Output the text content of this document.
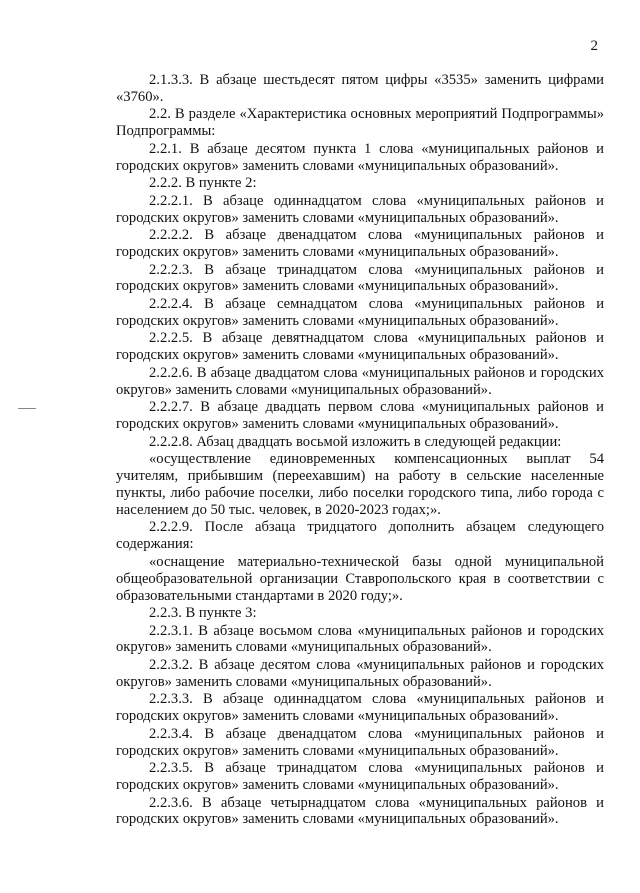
2

2.1.3.3. В абзаце шестьдесят пятом цифры «3535» заменить цифрами «3760».

2.2. В разделе «Характеристика основных мероприятий Подпрограммы» Подпрограммы:

2.2.1. В абзаце десятом пункта 1 слова «муниципальных районов и городских округов» заменить словами «муниципальных образований».

2.2.2. В пункте 2:

2.2.2.1. В абзаце одиннадцатом слова «муниципальных районов и городских округов» заменить словами «муниципальных образований».

2.2.2.2. В абзаце двенадцатом слова «муниципальных районов и городских округов» заменить словами «муниципальных образований».

2.2.2.3. В абзаце тринадцатом слова «муниципальных районов и городских округов» заменить словами «муниципальных образований».

2.2.2.4. В абзаце семнадцатом слова «муниципальных районов и городских округов» заменить словами «муниципальных образований».

2.2.2.5. В абзаце девятнадцатом слова «муниципальных районов и городских округов» заменить словами «муниципальных образований».

2.2.2.6. В абзаце двадцатом слова «муниципальных районов и городских округов» заменить словами «муниципальных образований».

2.2.2.7. В абзаце двадцать первом слова «муниципальных районов и городских округов» заменить словами «муниципальных образований».

2.2.2.8. Абзац двадцать восьмой изложить в следующей редакции:

«осуществление единовременных компенсационных выплат 54 учителям, прибывшим (переехавшим) на работу в сельские населенные пункты, либо рабочие поселки, либо поселки городского типа, либо города с населением до 50 тыс. человек, в 2020-2023 годах;».

2.2.2.9. После абзаца тридцатого дополнить абзацем следующего содержания:

«оснащение материально-технической базы одной муниципальной общеобразовательной организации Ставропольского края в соответствии с образовательными стандартами в 2020 году;».

2.2.3. В пункте 3:

2.2.3.1. В абзаце восьмом слова «муниципальных районов и городских округов» заменить словами «муниципальных образований».

2.2.3.2. В абзаце десятом слова «муниципальных районов и городских округов» заменить словами «муниципальных образований».

2.2.3.3. В абзаце одиннадцатом слова «муниципальных районов и городских округов» заменить словами «муниципальных образований».

2.2.3.4. В абзаце двенадцатом слова «муниципальных районов и городских округов» заменить словами «муниципальных образований».

2.2.3.5. В абзаце тринадцатом слова «муниципальных районов и городских округов» заменить словами «муниципальных образований».

2.2.3.6. В абзаце четырнадцатом слова «муниципальных районов и городских округов» заменить словами «муниципальных образований».
